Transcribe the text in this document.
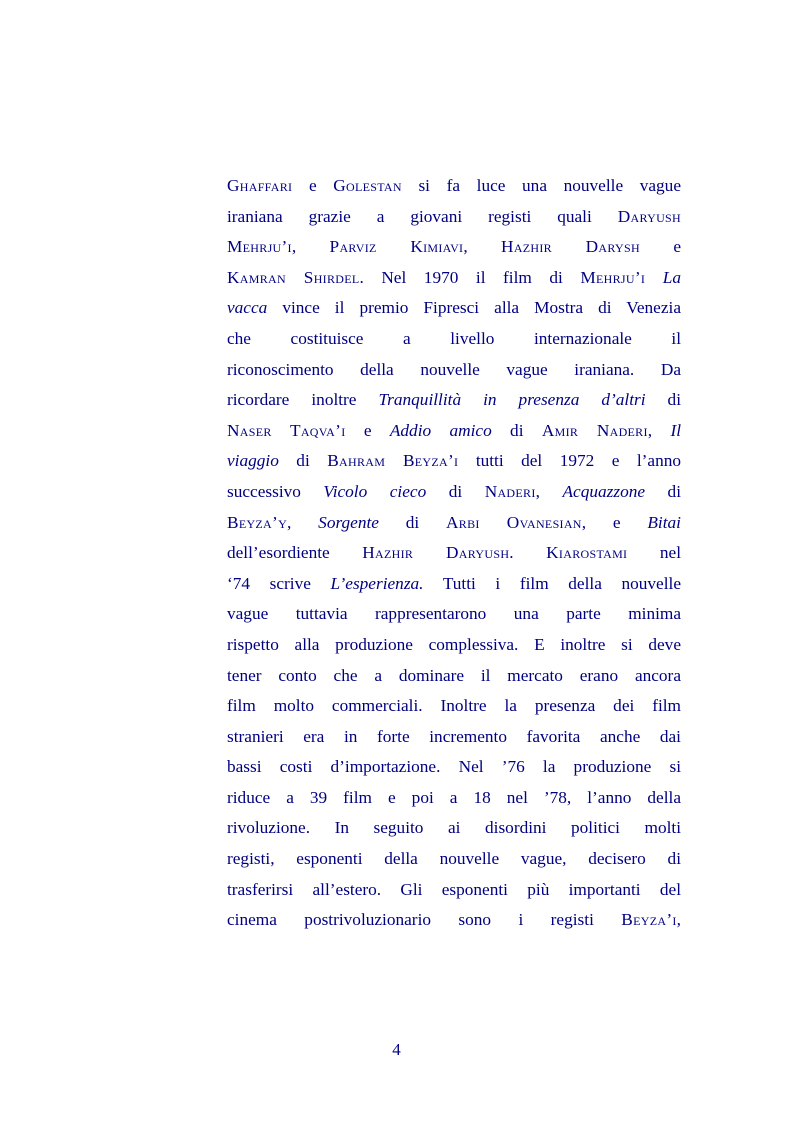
Ghaffari e Golestan si fa luce una nouvelle vague
iraniana grazie a giovani registi quali Daryush
Mehrju’i, Parviz Kimiavi, Hazhir Darysh e
Kamran Shirdel. Nel 1970 il film di Mehrju’i La
vacca vince il premio Fipresci alla Mostra di Venezia
che costituisce a livello internazionale il
riconoscimento della nouvelle vague iraniana. Da
ricordare inoltre Tranquillità in presenza d’altri di
Naser Taqva’i e Addio amico di Amir Naderi, Il
viaggio di Bahram Beyza’i tutti del 1972 e l’anno
successivo Vicolo cieco di Naderi, Acquazzone di
Beyza’y, Sorgente di Arbi Ovanesian, e Bitai
dell’esordiente Hazhir Daryush. Kiarostami nel
‘74 scrive L’esperienza. Tutti i film della nouvelle
vague tuttavia rappresentarono una parte minima
rispetto alla produzione complessiva. E inoltre si deve
tener conto che a dominare il mercato erano ancora
film molto commerciali. Inoltre la presenza dei film
stranieri era in forte incremento favorita anche dai
bassi costi d’importazione. Nel ’76 la produzione si
riduce a 39 film e poi a 18 nel ’78, l’anno della
rivoluzione. In seguito ai disordini politici molti
registi, esponenti della nouvelle vague, decisero di
trasferirsi all’estero. Gli esponenti più importanti del
cinema postrivoluzionario sono i registi Beyza’i,
4
